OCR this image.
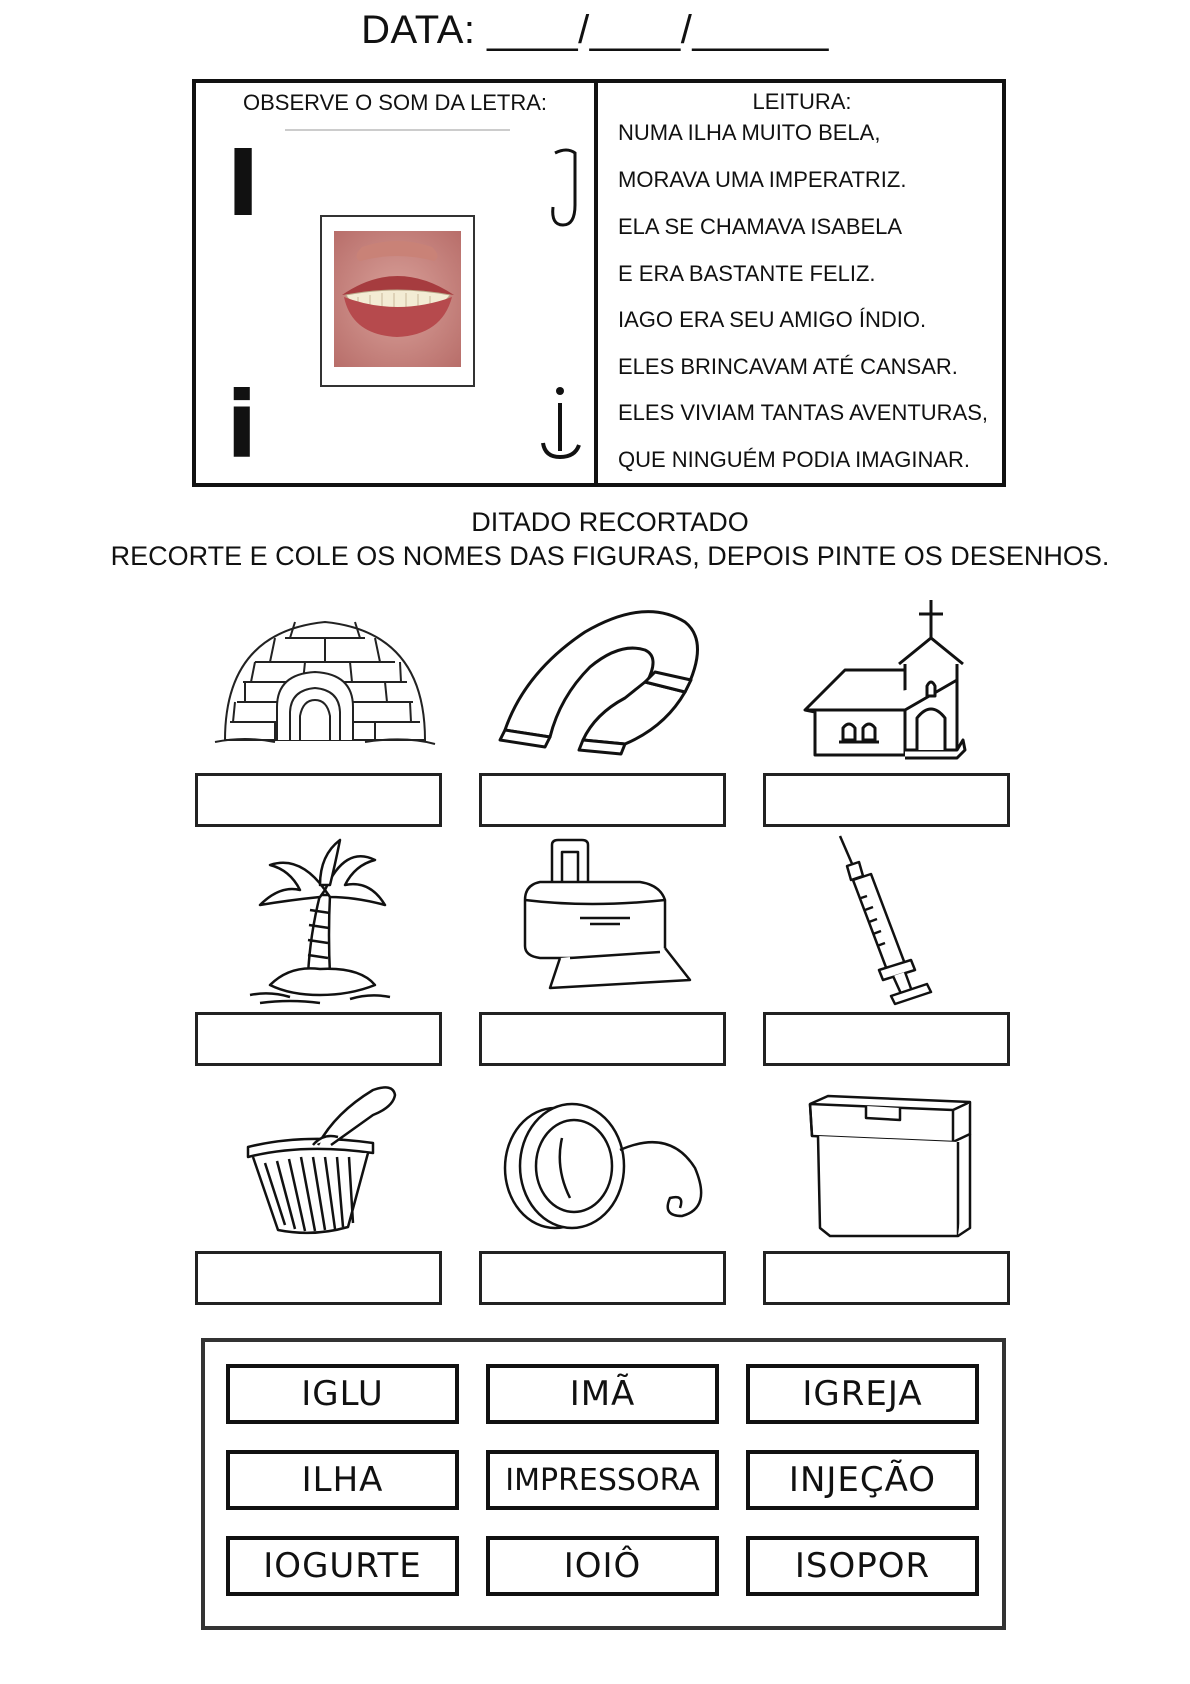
DATA: ____/____/______
OBSERVE O SOM DA LETRA:	LEITURA:
I
i
NUMA ILHA MUITO BELA,
MORAVA UMA IMPERATRIZ.
ELA SE CHAMAVA ISABELA
E ERA BASTANTE FELIZ.
IAGO ERA SEU AMIGO ÍNDIO.
ELES BRINCAVAM ATÉ CANSAR.
ELES VIVIAM TANTAS AVENTURAS,
QUE NINGUÉM PODIA IMAGINAR.
DITADO RECORTADO
RECORTE E COLE OS NOMES DAS FIGURAS, DEPOIS PINTE OS DESENHOS.
IGLU	IMÃ	IGREJA
ILHA	IMPRESSORA	INJEÇÃO
IOGURTE	IOIÔ	ISOPOR
